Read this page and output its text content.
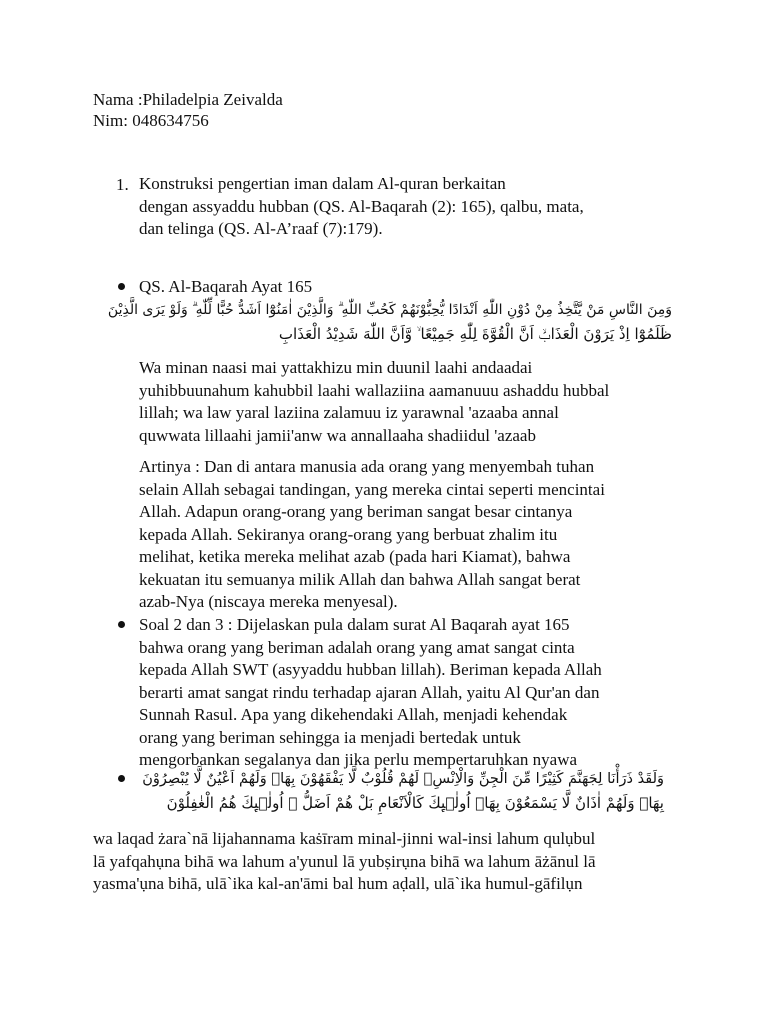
Nama :Philadelpia Zeivalda
Nim: 048634756
1. Konstruksi pengertian iman dalam Al-quran berkaitan
dengan assyaddu hubban (QS. Al-Baqarah (2): 165), qalbu, mata,
dan telinga (QS. Al-A’raaf (7):179).
QS. Al-Baqarah Ayat 165
وَمِنَ النَّاسِ مَنْ يَّتَّخِذُ مِنْ دُوْنِ اللّٰهِ اَنْدَادًا يُّحِبُّوْنَهُمْ كَحُبِّ اللّٰهِ ۗ وَالَّذِيْنَ اٰمَنُوْٓا اَشَدُّ حُبًّا لِّلّٰهِ ۗ وَلَوْ يَرَى الَّذِيْنَ
ظَلَمُوْٓا اِذْ يَرَوْنَ الْعَذَابَۙ اَنَّ الْقُوَّةَ لِلّٰهِ جَمِيْعًا ۙ وَّاَنَّ اللّٰهَ شَدِيْدُ الْعَذَابِ
Wa minan naasi mai yattakhizu min duunil laahi andaadai
yuhibbuunahum kahubbil laahi wallaziina aamanuuu ashaddu hubbal
lillah; wa law yaral laziina zalamuu iz yarawnal 'azaaba annal
quwwata lillaahi jamii'anw wa annallaaha shadiidul 'azaab
Artinya : Dan di antara manusia ada orang yang menyembah tuhan
selain Allah sebagai tandingan, yang mereka cintai seperti mencintai
Allah. Adapun orang-orang yang beriman sangat besar cintanya
kepada Allah. Sekiranya orang-orang yang berbuat zhalim itu
melihat, ketika mereka melihat azab (pada hari Kiamat), bahwa
kekuatan itu semuanya milik Allah dan bahwa Allah sangat berat
azab-Nya (niscaya mereka menyesal).
Soal 2 dan 3 : Dijelaskan pula dalam surat Al Baqarah ayat 165
bahwa orang yang beriman adalah orang yang amat sangat cinta
kepada Allah SWT (asyyaddu hubban lillah). Beriman kepada Allah
berarti amat sangat rindu terhadap ajaran Allah, yaitu Al Qur'an dan
Sunnah Rasul. Apa yang dikehendaki Allah, menjadi kehendak
orang yang beriman sehingga ia menjadi bertedak untuk
mengorbankan segalanya dan jika perlu mempertaruhkan nyawa
وَلَقَدْ ذَرَأْنَا لِجَهَنَّمَ كَثِيْرًا مِّنَ الْجِنِّ وَالْاِنْسِۖ لَهُمْ قُلُوْبٌ لَّا يَفْقَهُوْنَ بِهَاۖ وَلَهُمْ اَعْيُنٌ لَّا يُبْصِرُوْنَ
بِهَاۖ وَلَهُمْ اٰذَانٌ لَّا يَسْمَعُوْنَ بِهَاۗ اُولٰۤىِٕكَ كَالْاَنْعَامِ بَلْ هُمْ اَضَلُّ ۗ اُولٰۤىِٕكَ هُمُ الْغٰفِلُوْنَ
wa laqad żara`nā lijahannama kaṡīram minal-jinni wal-insi lahum qulụbul
lā yafqahụna bihā wa lahum a'yunul lā yubṣirụna bihā wa lahum āżānul lā
yasma'ụna bihā, ulā`ika kal-an'āmi bal hum aḍall, ulā`ika humul-gāfilụn
